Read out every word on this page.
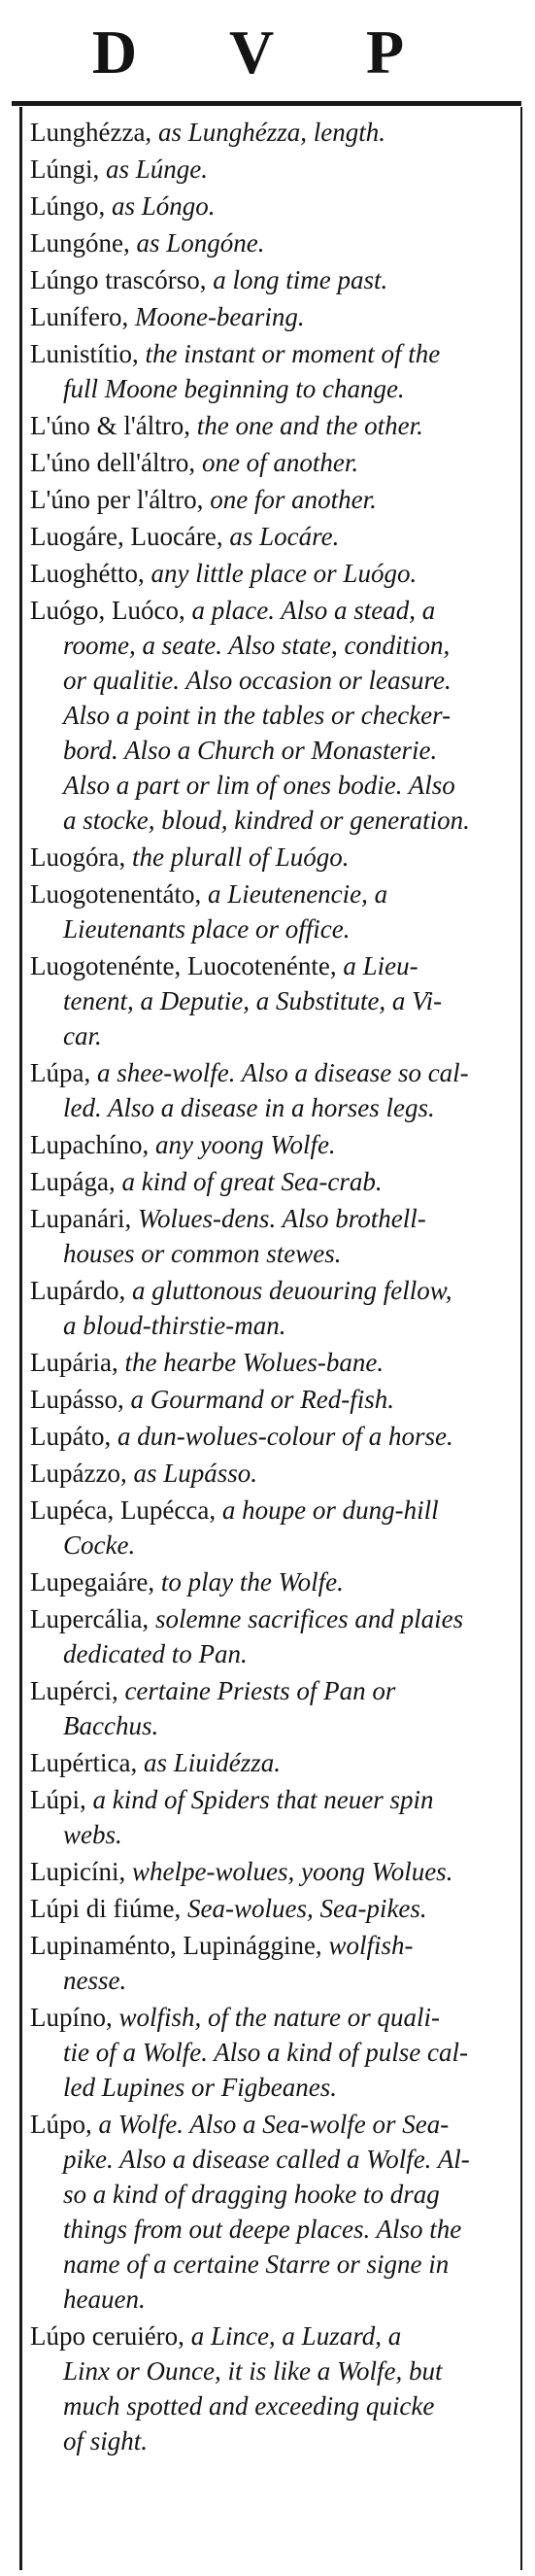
D V P
Lunghézza, as Lunghézza, length.
Lúngi, as Lúnge.
Lúngo, as Lóngo.
Lungóne, as Longóne.
Lúngo trascórso, a long time past.
Lunífero, Moone-bearing.
Lunistítio, the instant or moment of the
full Moone beginning to change.
L'úno & l'áltro, the one and the other.
L'úno dell'áltro, one of another.
L'úno per l'áltro, one for another.
Luogáre, Luocáre, as Locáre.
Luoghétto, any little place or Luógo.
Luógo, Luóco, a place. Also a stead, a
roome, a seate. Also state, condition,
or qualitie. Also occasion or leasure.
Also a point in the tables or checker-
bord. Also a Church or Monasterie.
Also a part or lim of ones bodie. Also
a stocke, bloud, kindred or generation.
Luogóra, the plurall of Luógo.
Luogotenentáto, a Lieutenencie, a
Lieutenants place or office.
Luogotenénte, Luocotenénte, a Lieu-
tenent, a Deputie, a Substitute, a Vi-
car.
Lúpa, a shee-wolfe. Also a disease so cal-
led. Also a disease in a horses legs.
Lupachíno, any yoong Wolfe.
Lupága, a kind of great Sea-crab.
Lupanári, Wolues-dens. Also brothell-
houses or common stewes.
Lupárdo, a gluttonous deuouring fellow,
a bloud-thirstie-man.
Lupária, the hearbe Wolues-bane.
Lupásso, a Gourmand or Red-fish.
Lupáto, a dun-wolues-colour of a horse.
Lupázzo, as Lupásso.
Lupéca, Lupécca, a houpe or dung-hill
Cocke.
Lupegaiáre, to play the Wolfe.
Lupercália, solemne sacrifices and plaies
dedicated to Pan.
Lupérci, certaine Priests of Pan or
Bacchus.
Lupértica, as Liuidézza.
Lúpi, a kind of Spiders that neuer spin
webs.
Lupicíni, whelpe-wolues, yoong Wolues.
Lúpi di fiúme, Sea-wolues, Sea-pikes.
Lupinaménto, Lupinággine, wolfish-
nesse.
Lupíno, wolfish, of the nature or quali-
tie of a Wolfe. Also a kind of pulse cal-
led Lupines or Figbeanes.
Lúpo, a Wolfe. Also a Sea-wolfe or Sea-
pike. Also a disease called a Wolfe. Al-
so a kind of dragging hooke to drag
things from out deepe places. Also the
name of a certaine Starre or signe in
heauen.
Lúpo ceruiéro, a Lince, a Luzard, a
Linx or Ounce, it is like a Wolfe, but
much spotted and exceeding quicke
of sight.
